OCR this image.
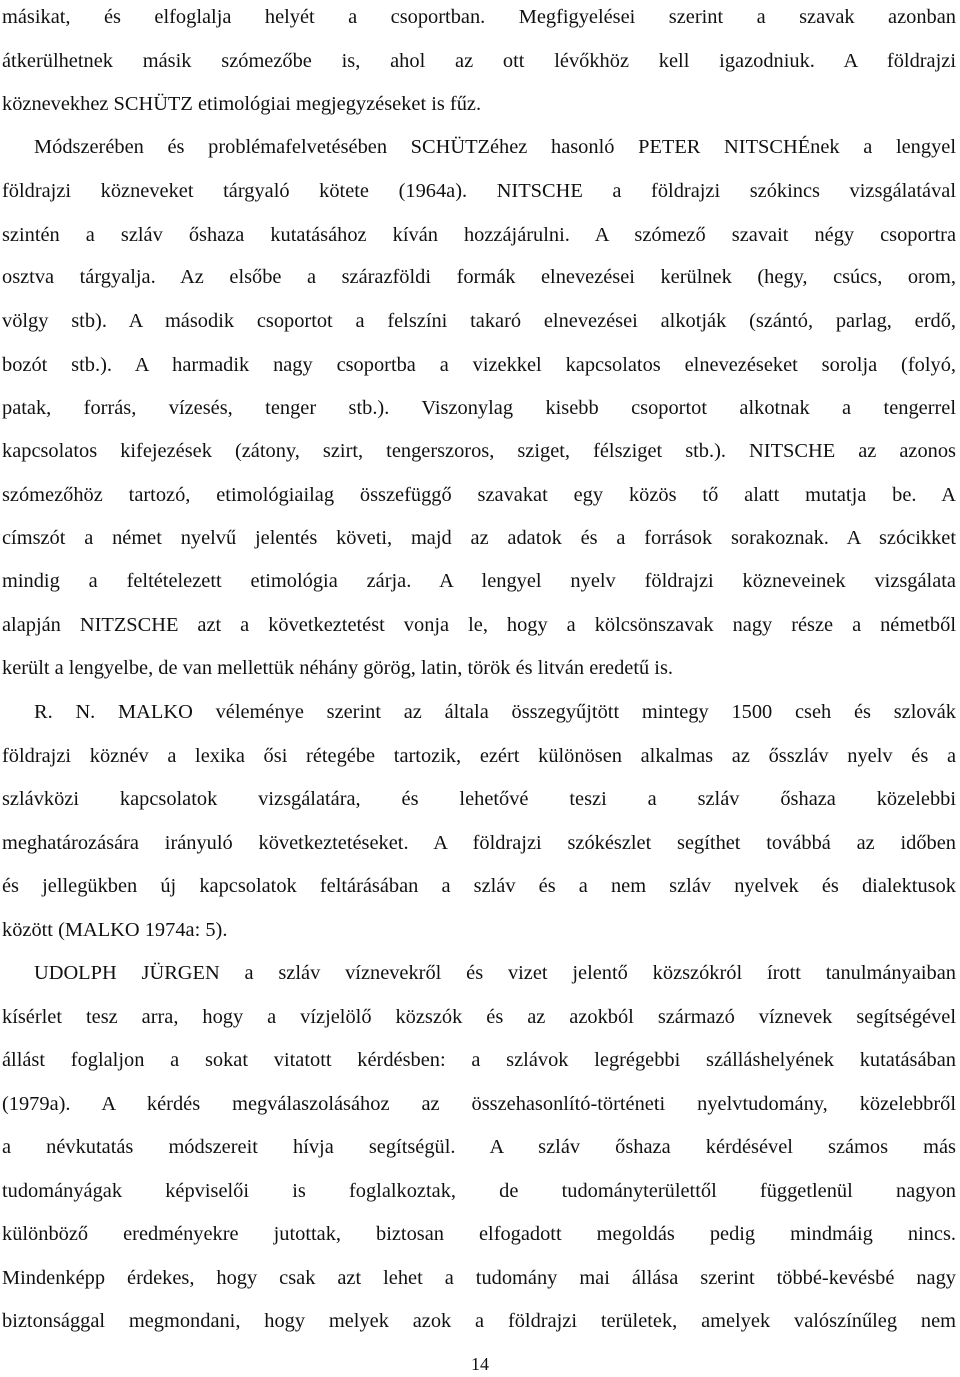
másikat, és elfoglalja helyét a csoportban. Megfigyelései szerint a szavak azonban
átkerülhetnek másik szómezőbe is, ahol az ott lévőkhöz kell igazodniuk. A földrajzi
köznevekhez SCHÜTZ etimológiai megjegyzéseket is fűz.
Módszerében és problémafelvetésében SCHÜTZéhez hasonló PETER NITSCHÉnek a lengyel
földrajzi közneveket tárgyaló kötete (1964a). NITSCHE a földrajzi szókincs vizsgálatával
szintén a szláv őshaza kutatásához kíván hozzájárulni. A szómező szavait négy csoportra
osztva tárgyalja. Az elsőbe a szárazföldi formák elnevezései kerülnek (hegy, csúcs, orom,
völgy stb). A második csoportot a felszíni takaró elnevezései alkotják (szántó, parlag, erdő,
bozót stb.). A harmadik nagy csoportba a vizekkel kapcsolatos elnevezéseket sorolja (folyó,
patak, forrás, vízesés, tenger stb.). Viszonylag kisebb csoportot alkotnak a tengerrel
kapcsolatos kifejezések (zátony, szirt, tengerszoros, sziget, félsziget stb.). NITSCHE az azonos
szómezőhöz tartozó, etimológiailag összefüggő szavakat egy közös tő alatt mutatja be. A
címszót a német nyelvű jelentés követi, majd az adatok és a források sorakoznak. A szócikket
mindig a feltételezett etimológia zárja. A lengyel nyelv földrajzi közneveinek vizsgálata
alapján NITZSCHE azt a következtetést vonja le, hogy a kölcsönszavak nagy része a németből
került a lengyelbe, de van mellettük néhány görög, latin, török és litván eredetű is.
R. N. MALKO véleménye szerint az általa összegyűjtött mintegy 1500 cseh és szlovák
földrajzi köznév a lexika ősi rétegébe tartozik, ezért különösen alkalmas az ősszláv nyelv és a
szlávközi kapcsolatok vizsgálatára, és lehetővé teszi a szláv őshaza közelebbi
meghatározására irányuló következtetéseket. A földrajzi szókészlet segíthet továbbá az időben
és jellegükben új kapcsolatok feltárásában a szláv és a nem szláv nyelvek és dialektusok
között (MALKO 1974a: 5).
UDOLPH JÜRGEN a szláv víznevekről és vizet jelentő közszókról írott tanulmányaiban
kísérlet tesz arra, hogy a vízjelölő közszók és az azokból származó víznevek segítségével
állást foglaljon a sokat vitatott kérdésben: a szlávok legrégebbi szálláshelyének kutatásában
(1979a). A kérdés megválaszolásához az összehasonlító-történeti nyelvtudomány, közelebbről
a névkutatás módszereit hívja segítségül. A szláv őshaza kérdésével számos más
tudományágak képviselői is foglalkoztak, de tudományterülettől függetlenül nagyon
különböző eredményekre jutottak, biztosan elfogadott megoldás pedig mindmáig nincs.
Mindenképp érdekes, hogy csak azt lehet a tudomány mai állása szerint többé-kevésbé nagy
biztonsággal megmondani, hogy melyek azok a földrajzi területek, amelyek valószínűleg nem
14
